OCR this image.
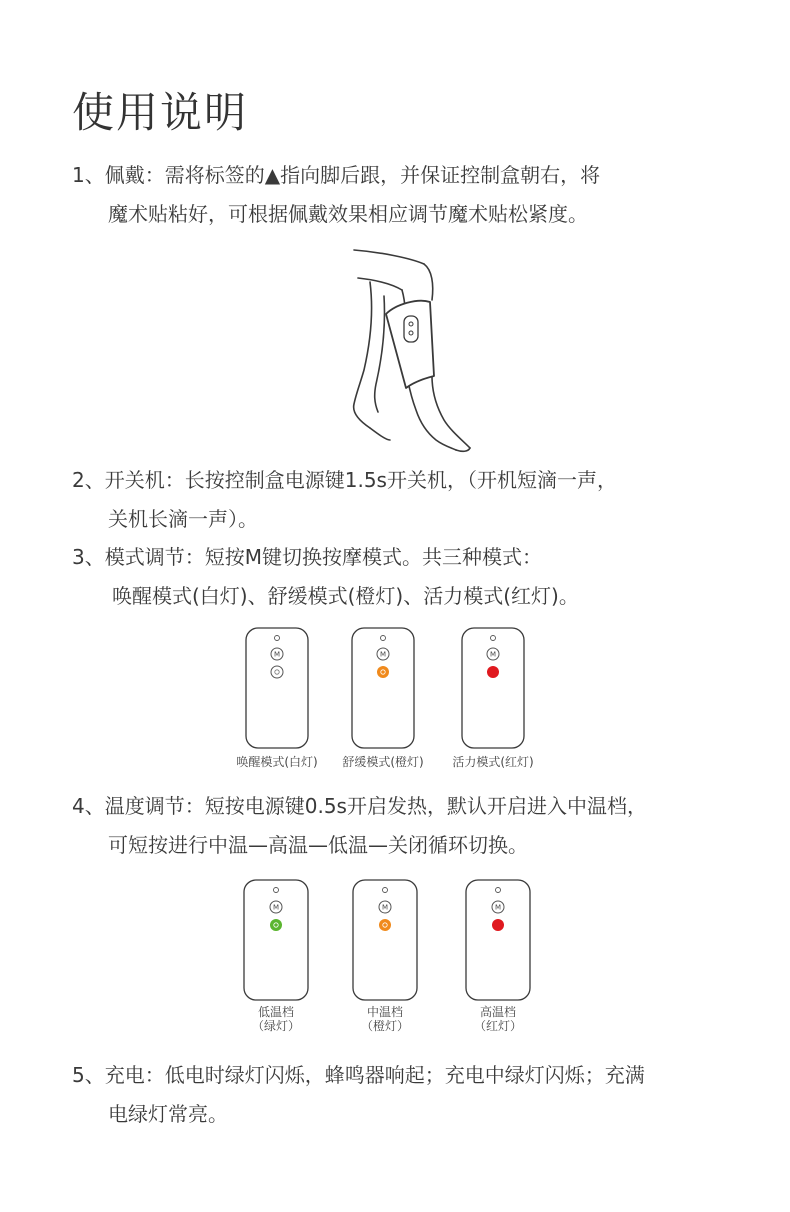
使用说明
1、佩戴：需将标签的▲指向脚后跟，并保证控制盒朝右，将
魔术贴粘好，可根据佩戴效果相应调节魔术贴松紧度。
2、开关机：长按控制盒电源键1.5s开关机，（开机短滴一声，
关机长滴一声）。
3、模式调节：短按M键切换按摩模式。共三种模式：
唤醒模式(白灯)、舒缓模式(橙灯)、活力模式(红灯)。
M	M	M
唤醒模式(白灯) 舒缓模式(橙灯) 活力模式(红灯)
4、温度调节：短按电源键0.5s开启发热，默认开启进入中温档，
可短按进行中温—高温—低温—关闭循环切换。
M	M	M
低温档
（绿灯）
中温档
（橙灯）
高温档
（红灯）
5、充电：低电时绿灯闪烁，蜂鸣器响起；充电中绿灯闪烁；充满
电绿灯常亮。
